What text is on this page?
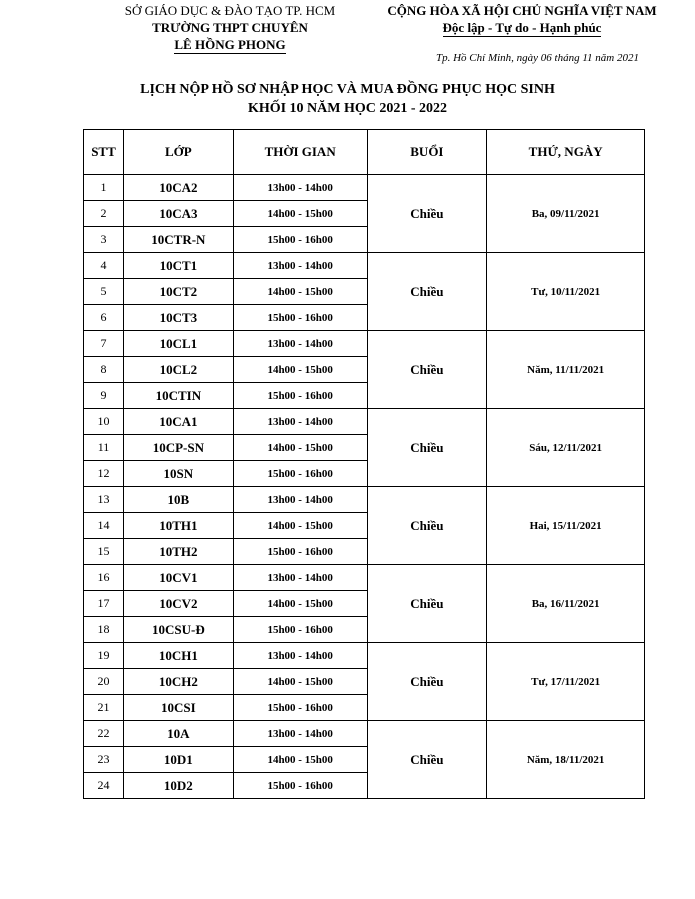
SỞ GIÁO DỤC & ĐÀO TẠO TP. HCM
TRƯỜNG THPT CHUYÊN
LÊ HỒNG PHONG
CỘNG HÒA XÃ HỘI CHỦ NGHĨA VIỆT NAM
Độc lập - Tự do - Hạnh phúc
Tp. Hồ Chí Minh, ngày 06 tháng 11 năm 2021
LỊCH NỘP HỒ SƠ NHẬP HỌC VÀ MUA ĐỒNG PHỤC HỌC SINH
KHỐI 10 NĂM HỌC 2021 - 2022
STT	LỚP	THỜI GIAN	BUỔI	THỨ, NGÀY
1	10CA2	13h00 - 14h00	Chiều	Ba, 09/11/2021
2	10CA3	14h00 - 15h00		
3	10CTR-N	15h00 - 16h00		
4	10CT1	13h00 - 14h00	Chiều	Tư, 10/11/2021
5	10CT2	14h00 - 15h00		
6	10CT3	15h00 - 16h00		
7	10CL1	13h00 - 14h00	Chiều	Năm, 11/11/2021
8	10CL2	14h00 - 15h00		
9	10CTIN	15h00 - 16h00		
10	10CA1	13h00 - 14h00	Chiều	Sáu, 12/11/2021
11	10CP-SN	14h00 - 15h00		
12	10SN	15h00 - 16h00		
13	10B	13h00 - 14h00	Chiều	Hai, 15/11/2021
14	10TH1	14h00 - 15h00		
15	10TH2	15h00 - 16h00		
16	10CV1	13h00 - 14h00	Chiều	Ba, 16/11/2021
17	10CV2	14h00 - 15h00		
18	10CSU-Đ	15h00 - 16h00		
19	10CH1	13h00 - 14h00	Chiều	Tư, 17/11/2021
20	10CH2	14h00 - 15h00		
21	10CSI	15h00 - 16h00		
22	10A	13h00 - 14h00	Chiều	Năm, 18/11/2021
23	10D1	14h00 - 15h00		
24	10D2	15h00 - 16h00		
